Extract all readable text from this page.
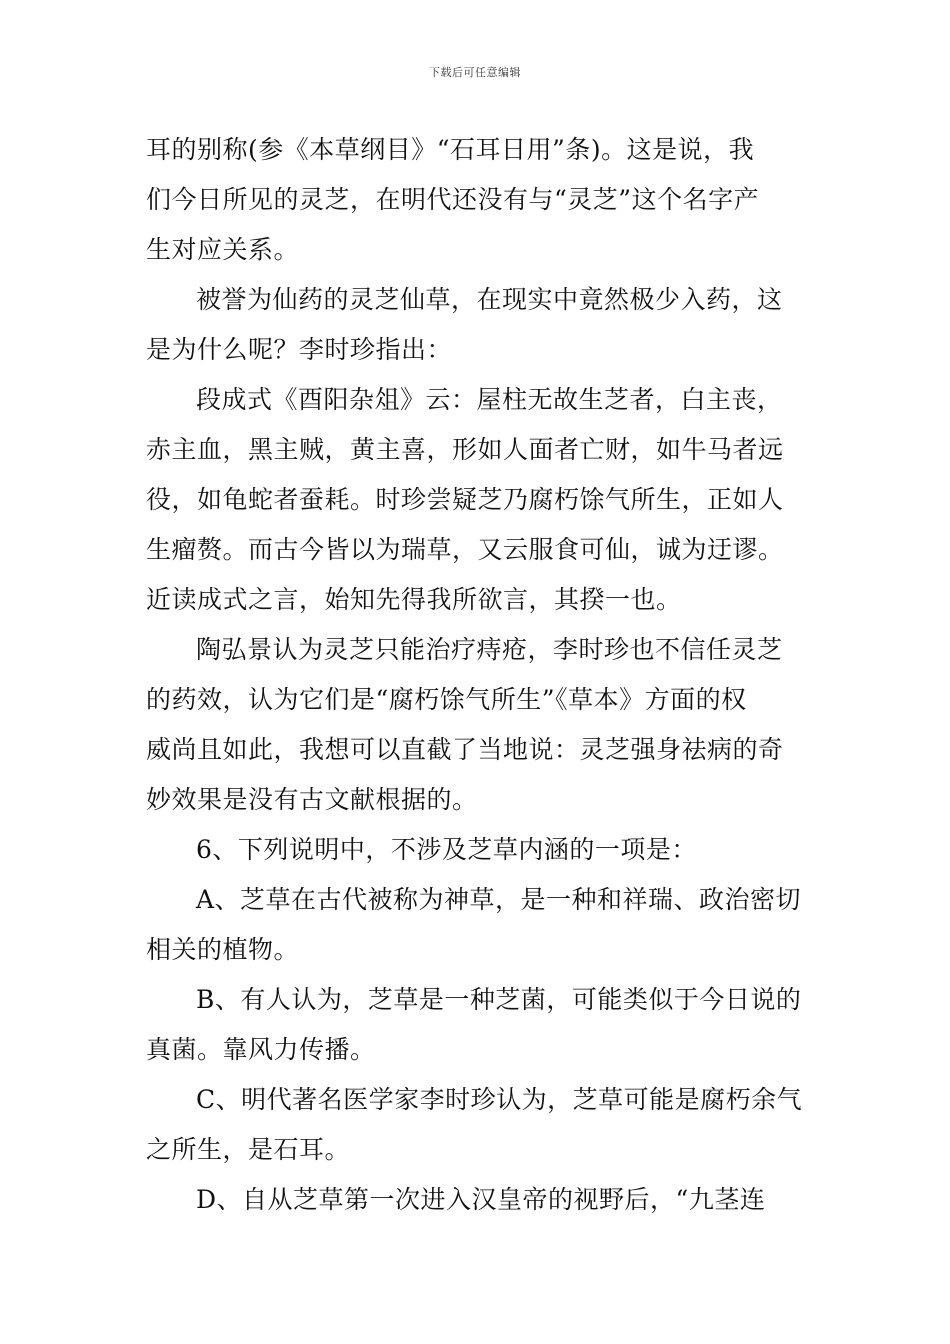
下载后可任意编辑
耳的别称(参《本草纲目》“石耳日用”条)。这是说，我
们今日所见的灵芝，在明代还没有与“灵芝”这个名字产
生对应关系。
被誉为仙药的灵芝仙草，在现实中竟然极少入药，这
是为什么呢？李时珍指出：
段成式《酉阳杂俎》云：屋柱无故生芝者，白主丧，
赤主血，黑主贼，黄主喜，形如人面者亡财，如牛马者远
役，如龟蛇者蚕耗。时珍尝疑芝乃腐朽馀气所生，正如人
生瘤赘。而古今皆以为瑞草，又云服食可仙，诚为迂谬。
近读成式之言，始知先得我所欲言，其揆一也。
陶弘景认为灵芝只能治疗痔疮，李时珍也不信任灵芝
的药效，认为它们是“腐朽馀气所生”《草本》方面的权
威尚且如此，我想可以直截了当地说：灵芝强身祛病的奇
妙效果是没有古文献根据的。
6、下列说明中，不涉及芝草内涵的一项是：
A、芝草在古代被称为神草，是一种和祥瑞、政治密切
相关的植物。
B、有人认为，芝草是一种芝菌，可能类似于今日说的
真菌。靠风力传播。
C、明代著名医学家李时珍认为，芝草可能是腐朽余气
之所生，是石耳。
D、自从芝草第一次进入汉皇帝的视野后，“九茎连
